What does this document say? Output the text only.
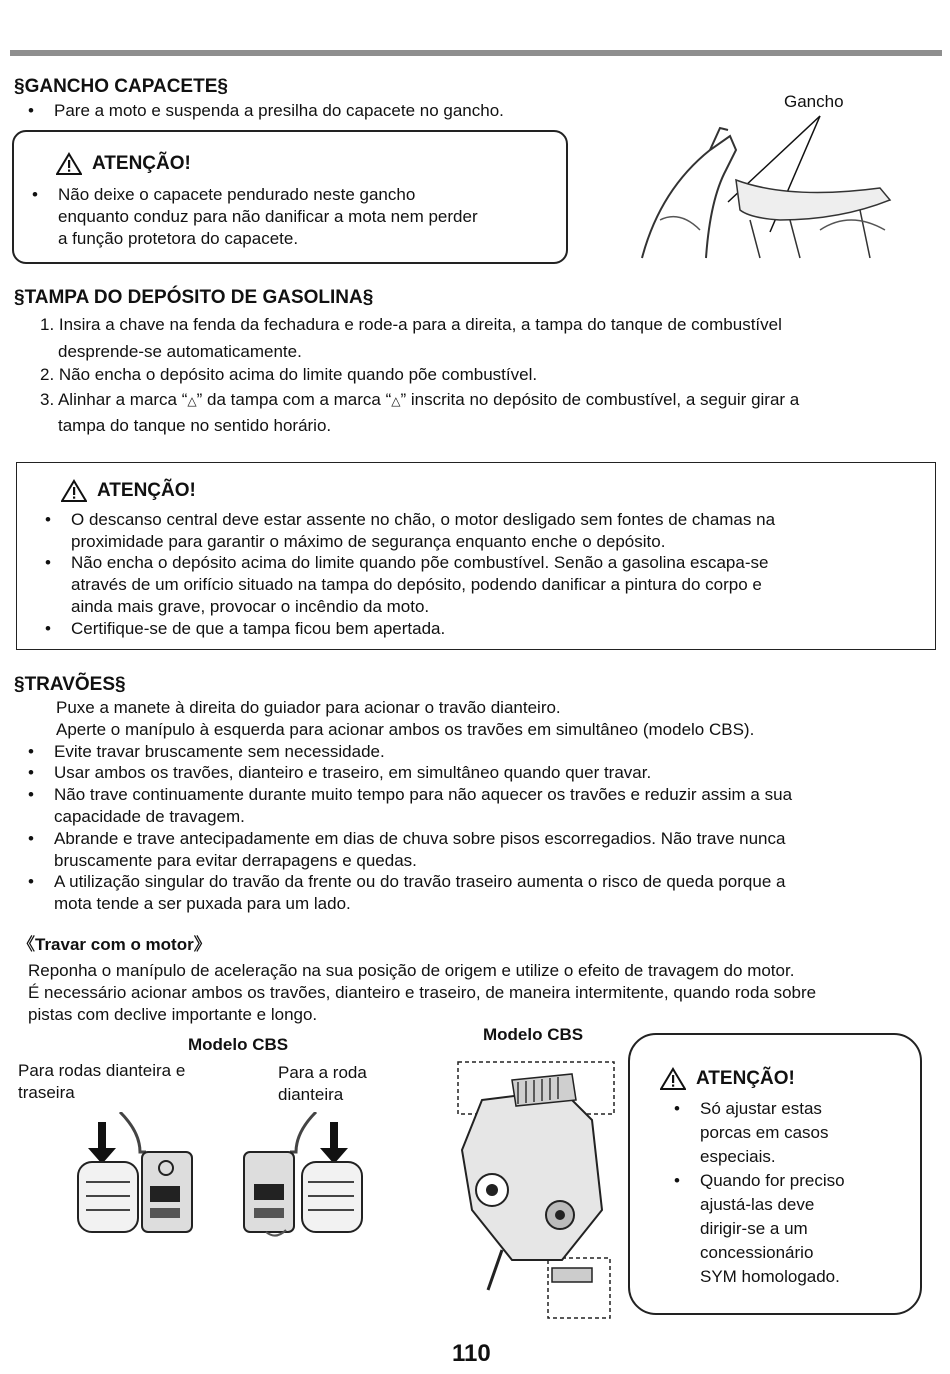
§GANCHO CAPACETE§
• Pare a moto e suspenda a presilha do capacete no gancho.
ATENÇÃO!
• Não deixe o capacete pendurado neste gancho
enquanto conduz para não danificar a mota nem perder
a função protetora do capacete.
Gancho
§TAMPA DO DEPÓSITO DE GASOLINA§
1. Insira a chave na fenda da fechadura e rode-a para a direita, a tampa do tanque de combustível
desprende-se automaticamente.
2. Não encha o depósito acima do limite quando põe combustível.
3. Alinhar a marca “△” da tampa com a marca “△” inscrita no depósito de combustível, a seguir girar a
tampa do tanque no sentido horário.
ATENÇÃO!
• O descanso central deve estar assente no chão, o motor desligado sem fontes de chamas na
proximidade para garantir o máximo de segurança enquanto enche o depósito.
• Não encha o depósito acima do limite quando põe combustível. Senão a gasolina escapa-se
através de um orifício situado na tampa do depósito, podendo danificar a pintura do corpo e
ainda mais grave, provocar o incêndio da moto.
• Certifique-se de que a tampa ficou bem apertada.
§TRAVÕES§
Puxe a manete à direita do guiador para acionar o travão dianteiro.
Aperte o manípulo à esquerda para acionar ambos os travões em simultâneo (modelo CBS).
• Evite travar bruscamente sem necessidade.
• Usar ambos os travões, dianteiro e traseiro, em simultâneo quando quer travar.
• Não trave continuamente durante muito tempo para não aquecer os travões e reduzir assim a sua
capacidade de travagem.
• Abrande e trave antecipadamente em dias de chuva sobre pisos escorregadios. Não trave nunca
bruscamente para evitar derrapagens e quedas.
• A utilização singular do travão da frente ou do travão traseiro aumenta o risco de queda porque a
mota tende a ser puxada para um lado.
《Travar com o motor》
Reponha o manípulo de aceleração na sua posição de origem e utilize o efeito de travagem do motor.
É necessário acionar ambos os travões, dianteiro e traseiro, de maneira intermitente, quando roda sobre
pistas com declive importante e longo.
Modelo CBS
Modelo CBS
Para rodas dianteira e
traseira
Para a roda
dianteira
ATENÇÃO!
• Só ajustar estas
porcas em casos
especiais.
• Quando for preciso
ajustá-las deve
dirigir-se a um
concessionário
SYM homologado.
110
